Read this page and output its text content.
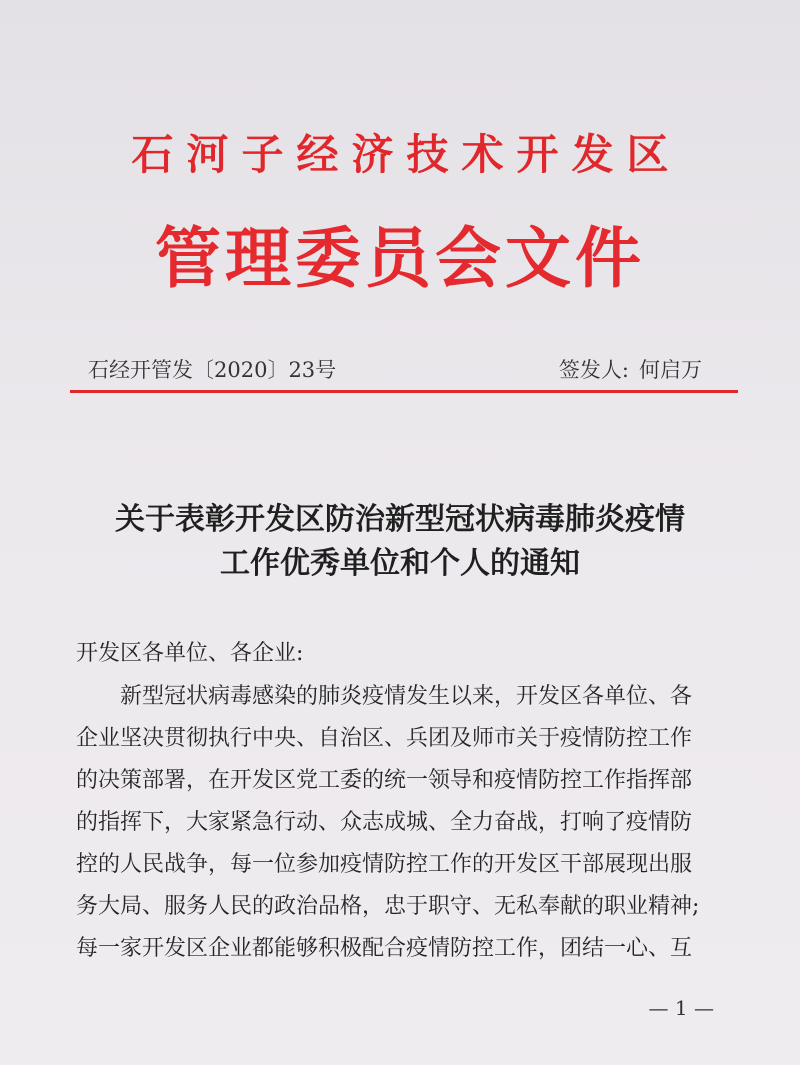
石河子经济技术开发区
管理委员会文件
石经开管发〔2020〕23号	签发人: 何启万
关于表彰开发区防治新型冠状病毒肺炎疫情
工作优秀单位和个人的通知
开发区各单位、各企业:
新型冠状病毒感染的肺炎疫情发生以来，开发区各单位、各
企业坚决贯彻执行中央、自治区、兵团及师市关于疫情防控工作
的决策部署，在开发区党工委的统一领导和疫情防控工作指挥部
的指挥下，大家紧急行动、众志成城、全力奋战，打响了疫情防
控的人民战争，每一位参加疫情防控工作的开发区干部展现出服
务大局、服务人民的政治品格，忠于职守、无私奉献的职业精神;
每一家开发区企业都能够积极配合疫情防控工作，团结一心、互
— 1 —
